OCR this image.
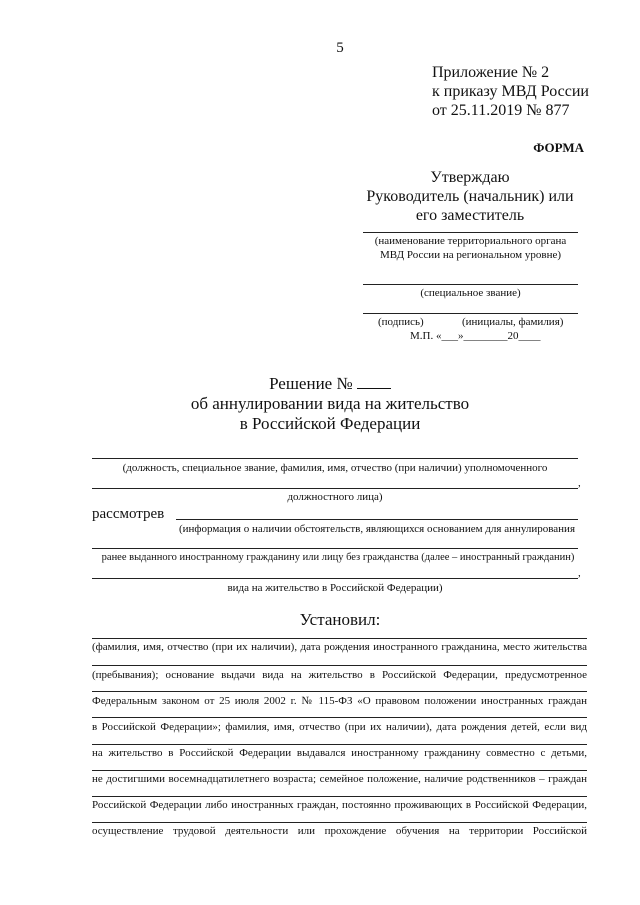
5
Приложение № 2
к приказу МВД России
от 25.11.2019 № 877
ФОРМА
Утверждаю
Руководитель (начальник) или
его заместитель
(наименование территориального органа
МВД России на региональном уровне)
(специальное звание)
(подпись)	(инициалы, фамилия)
М.П. «___»________20____
Решение №
об аннулировании вида на жительство
в Российской Федерации
(должность, специальное звание, фамилия, имя, отчество (при наличии) уполномоченного
,
должностного лица)
рассмотрев
(информация о наличии обстоятельств, являющихся основанием для аннулирования
ранее выданного иностранному гражданину или лицу без гражданства (далее – иностранный гражданин)
,
вида на жительство в Российской Федерации)
Установил:
(фамилия, имя, отчество (при их наличии), дата рождения иностранного гражданина, место жительства
(пребывания); основание выдачи вида на жительство в Российской Федерации, предусмотренное
Федеральным законом от 25 июля 2002 г. № 115-ФЗ «О правовом положении иностранных граждан
в Российской Федерации»; фамилия, имя, отчество (при их наличии), дата рождения детей, если вид
на жительство в Российской Федерации выдавался иностранному гражданину совместно с детьми,
не достигшими восемнадцатилетнего возраста; семейное положение, наличие родственников – граждан
Российской Федерации либо иностранных граждан, постоянно проживающих в Российской Федерации,
осуществление трудовой деятельности или прохождение обучения на территории Российской
